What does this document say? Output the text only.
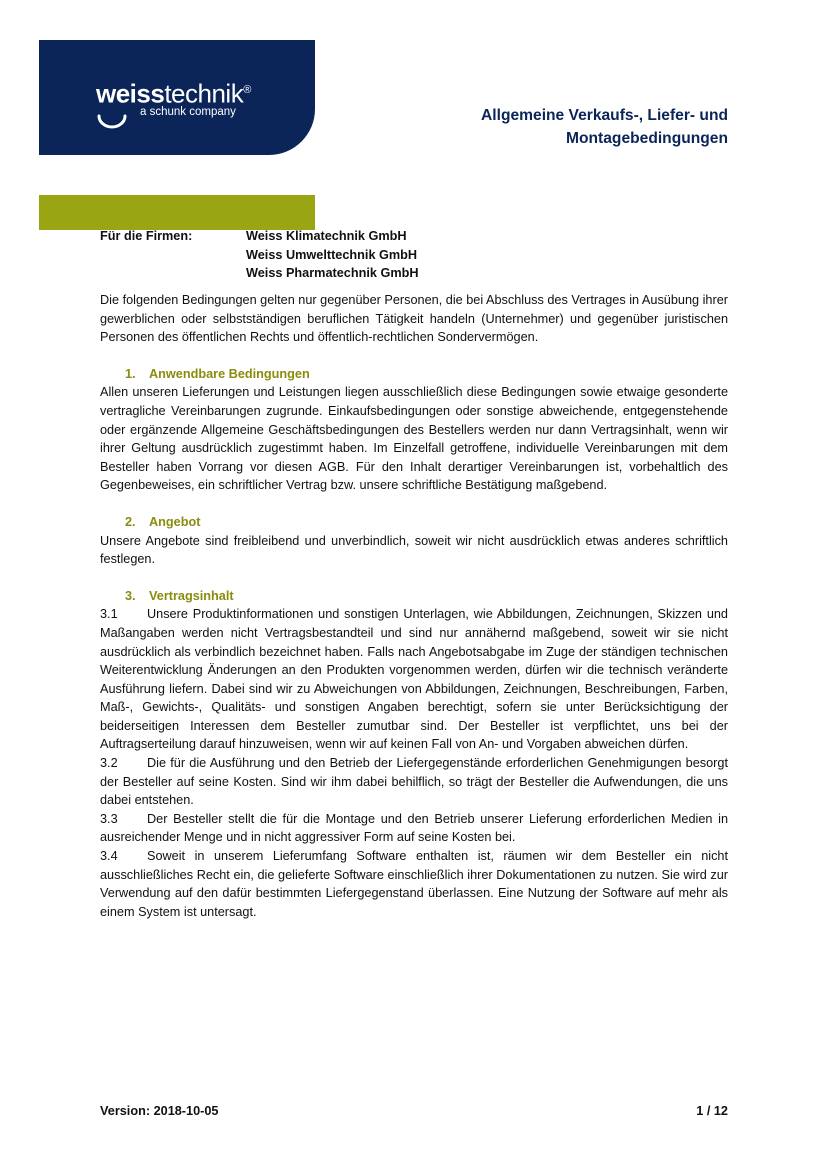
weisstechnik®
a schunk company	Allgemeine Verkaufs-, Liefer- und
Montagebedingungen
Für die Firmen:	Weiss Klimatechnik GmbH
Weiss Umwelttechnik GmbH
Weiss Pharmatechnik GmbH

Die folgenden Bedingungen gelten nur gegenüber Personen, die bei Abschluss des Vertrages in Ausübung ihrer gewerblichen oder selbstständigen beruflichen Tätigkeit handeln (Unternehmer) und gegenüber juristischen Personen des öffentlichen Rechts und öffentlich-rechtlichen Sondervermögen.

1.	Anwendbare Bedingungen

Allen unseren Lieferungen und Leistungen liegen ausschließlich diese Bedingungen sowie etwaige gesonderte vertragliche Vereinbarungen zugrunde. Einkaufsbedingungen oder sonstige abweichende, entgegenstehende oder ergänzende Allgemeine Geschäftsbedingungen des Bestellers werden nur dann Vertragsinhalt, wenn wir ihrer Geltung ausdrücklich zugestimmt haben. Im Einzelfall getroffene, individuelle Vereinbarungen mit dem Besteller haben Vorrang vor diesen AGB. Für den Inhalt derartiger Vereinbarungen ist, vorbehaltlich des Gegenbeweises, ein schriftlicher Vertrag bzw. unsere schriftliche Bestätigung maßgebend.

2.	Angebot

Unsere Angebote sind freibleibend und unverbindlich, soweit wir nicht ausdrücklich etwas anderes schriftlich festlegen.

3.	Vertragsinhalt
3.1 Unsere Produktinformationen und sonstigen Unterlagen, wie Abbildungen, Zeichnungen, Skizzen und Maßangaben werden nicht Vertragsbestandteil und sind nur annähernd maßgebend, soweit wir sie nicht ausdrücklich als verbindlich bezeichnet haben. Falls nach Angebotsabgabe im Zuge der ständigen technischen Weiterentwicklung Änderungen an den Produkten vorgenommen werden, dürfen wir die technisch veränderte Ausführung liefern. Dabei sind wir zu Abweichungen von Abbildungen, Zeichnungen, Beschreibungen, Farben, Maß-, Gewichts-, Qualitäts- und sonstigen Angaben berechtigt, sofern sie unter Berücksichtigung der beiderseitigen Interessen dem Besteller zumutbar sind. Der Besteller ist verpflichtet, uns bei der Auftragserteilung darauf hinzuweisen, wenn wir auf keinen Fall von An- und Vorgaben abweichen dürfen.
3.2 Die für die Ausführung und den Betrieb der Liefergegenstände erforderlichen Genehmigungen besorgt der Besteller auf seine Kosten. Sind wir ihm dabei behilflich, so trägt der Besteller die Aufwendungen, die uns dabei entstehen.
3.3 Der Besteller stellt die für die Montage und den Betrieb unserer Lieferung erforderlichen Medien in ausreichender Menge und in nicht aggressiver Form auf seine Kosten bei.
3.4 Soweit in unserem Lieferumfang Software enthalten ist, räumen wir dem Besteller ein nicht ausschließliches Recht ein, die gelieferte Software einschließlich ihrer Dokumentationen zu nutzen. Sie wird zur Verwendung auf den dafür bestimmten Liefergegenstand überlassen. Eine Nutzung der Software auf mehr als einem System ist untersagt.
Version: 2018-10-05	1 / 12
